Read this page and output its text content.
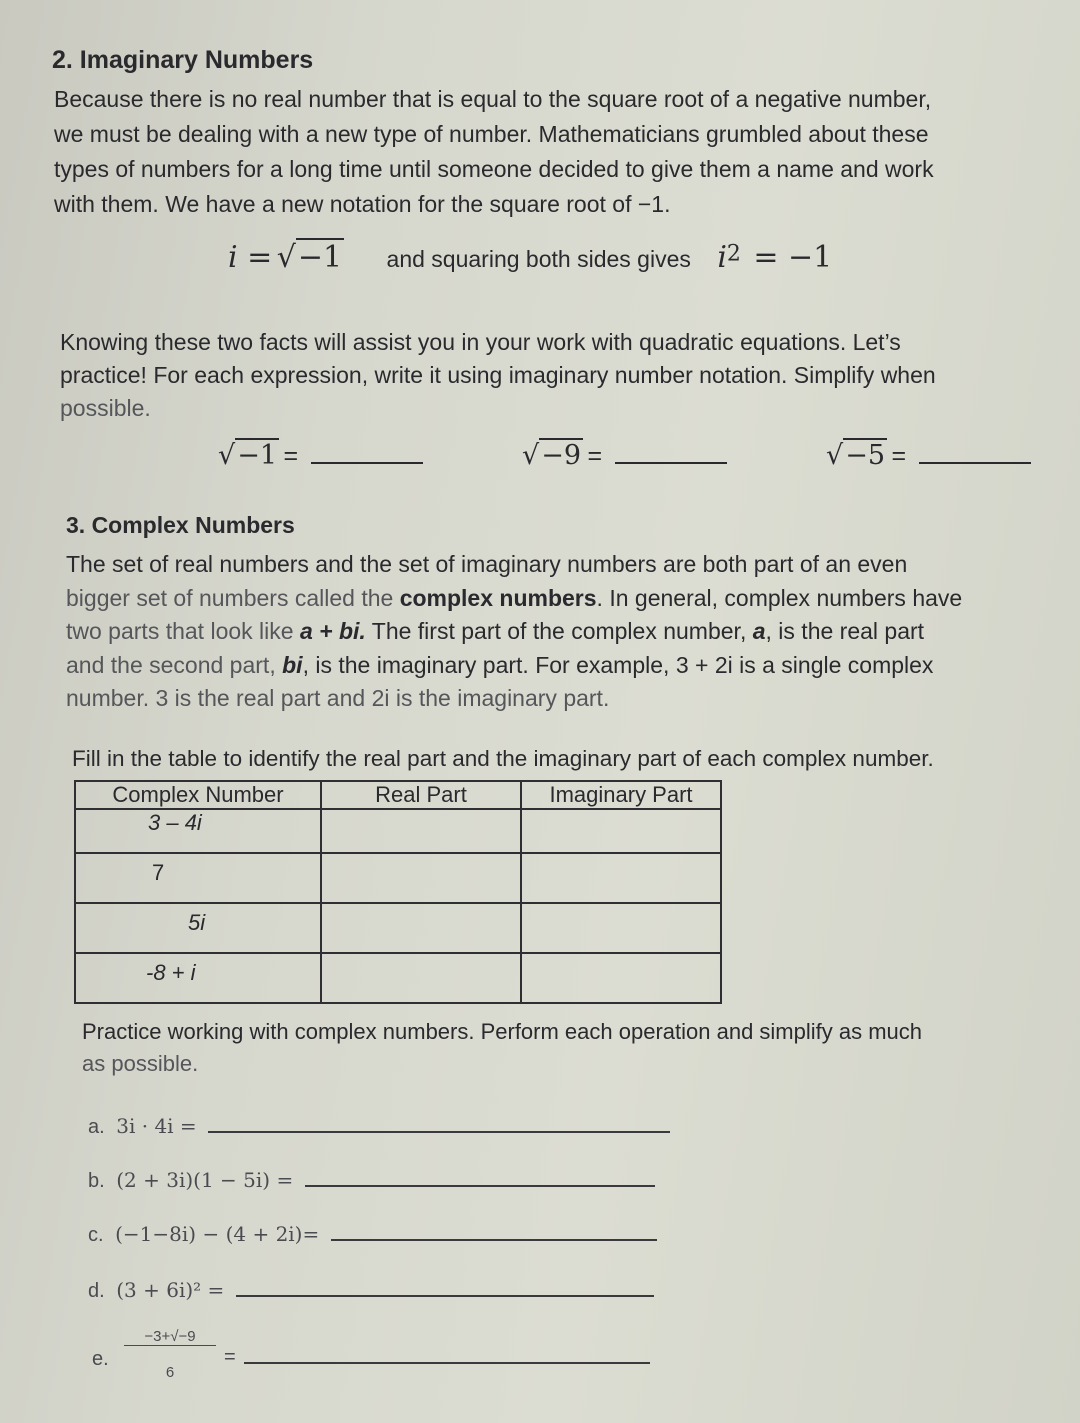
2. Imaginary Numbers
Because there is no real number that is equal to the square root of a negative number,
we must be dealing with a new type of number. Mathematicians grumbled about these
types of numbers for a long time until someone decided to give them a name and work
with them. We have a new notation for the square root of −1.
i = √−1 and squaring both sides gives $i^2 = -1$
Knowing these two facts will assist you in your work with quadratic equations. Let’s
practice! For each expression, write it using imaginary number notation. Simplify when
possible.
√−1 =	√−9 =	√−5 =
3. Complex Numbers
The set of real numbers and the set of imaginary numbers are both part of an even
bigger set of numbers called the complex numbers. In general, complex numbers have
two parts that look like a + bi. The first part of the complex number, a, is the real part
and the second part, bi, is the imaginary part. For example, 3 + 2i is a single complex
number. 3 is the real part and 2i is the imaginary part.
Fill in the table to identify the real part and the imaginary part of each complex number.
Complex Number	Real Part	Imaginary Part
3 – 4i		
7		
5i		
-8 + i		
Practice working with complex numbers. Perform each operation and simplify as much
as possible.
a. 3i · 4i =
b. (2 + 3i)(1 − 5i) =
c. (−1−8i) − (4 + 2i)=
d. (3 + 6i)² =
e.
−3+√−9
6
=
